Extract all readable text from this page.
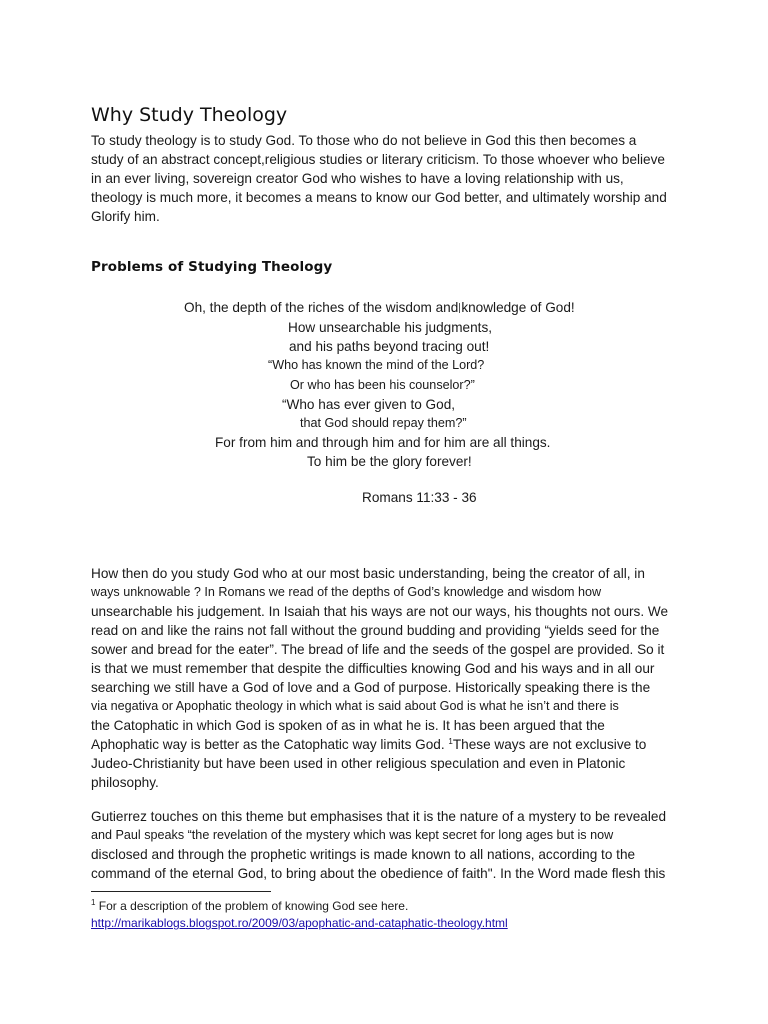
Why Study Theology
To study theology is to study God. To those who do not believe in God this then becomes a
study of an abstract concept,religious studies or literary criticism. To those whoever who believe
in an ever living, sovereign creator God who wishes to have a loving relationship with us,
theology is much more, it becomes a means to know our God better, and ultimately worship and
Glorify him.
Problems of Studying Theology
Oh, the depth of the riches of the wisdom and knowledge of God!
How unsearchable his judgments,
and his paths beyond tracing out!
“Who has known the mind of the Lord?
Or who has been his counselor?”
“Who has ever given to God,
that God should repay them?”
For from him and through him and for him are all things.
To him be the glory forever!
Romans 11:33 - 36
How then do you study God who at our most basic understanding, being the creator of all, in
ways unknowable ? In Romans we read of the depths of God’s knowledge and wisdom how
unsearchable his judgement. In Isaiah that his ways are not our ways, his thoughts not ours. We
read on and like the rains not fall without the ground budding and providing “yields seed for the
sower and bread for the eater”. The bread of life and the seeds of the gospel are provided. So it
is that we must remember that despite the difficulties knowing God and his ways and in all our
searching we still have a God of love and a God of purpose. Historically speaking there is the
via negativa or Apophatic theology in which what is said about God is what he isn’t and there is
the Catophatic in which God is spoken of as in what he is. It has been argued that the
Aphophatic way is better as the Catophatic way limits God. $^1$These ways are not exclusive to
Judeo-Christianity but have been used in other religious speculation and even in Platonic
philosophy.
Gutierrez touches on this theme but emphasises that it is the nature of a mystery to be revealed
and Paul speaks “the revelation of the mystery which was kept secret for long ages but is now
disclosed and through the prophetic writings is made known to all nations, according to the
command of the eternal God, to bring about the obedience of faith". In the Word made flesh this
$^1$ For a description of the problem of knowing God see here.
http://marikablogs.blogspot.ro/2009/03/apophatic-and-cataphatic-theology.html
